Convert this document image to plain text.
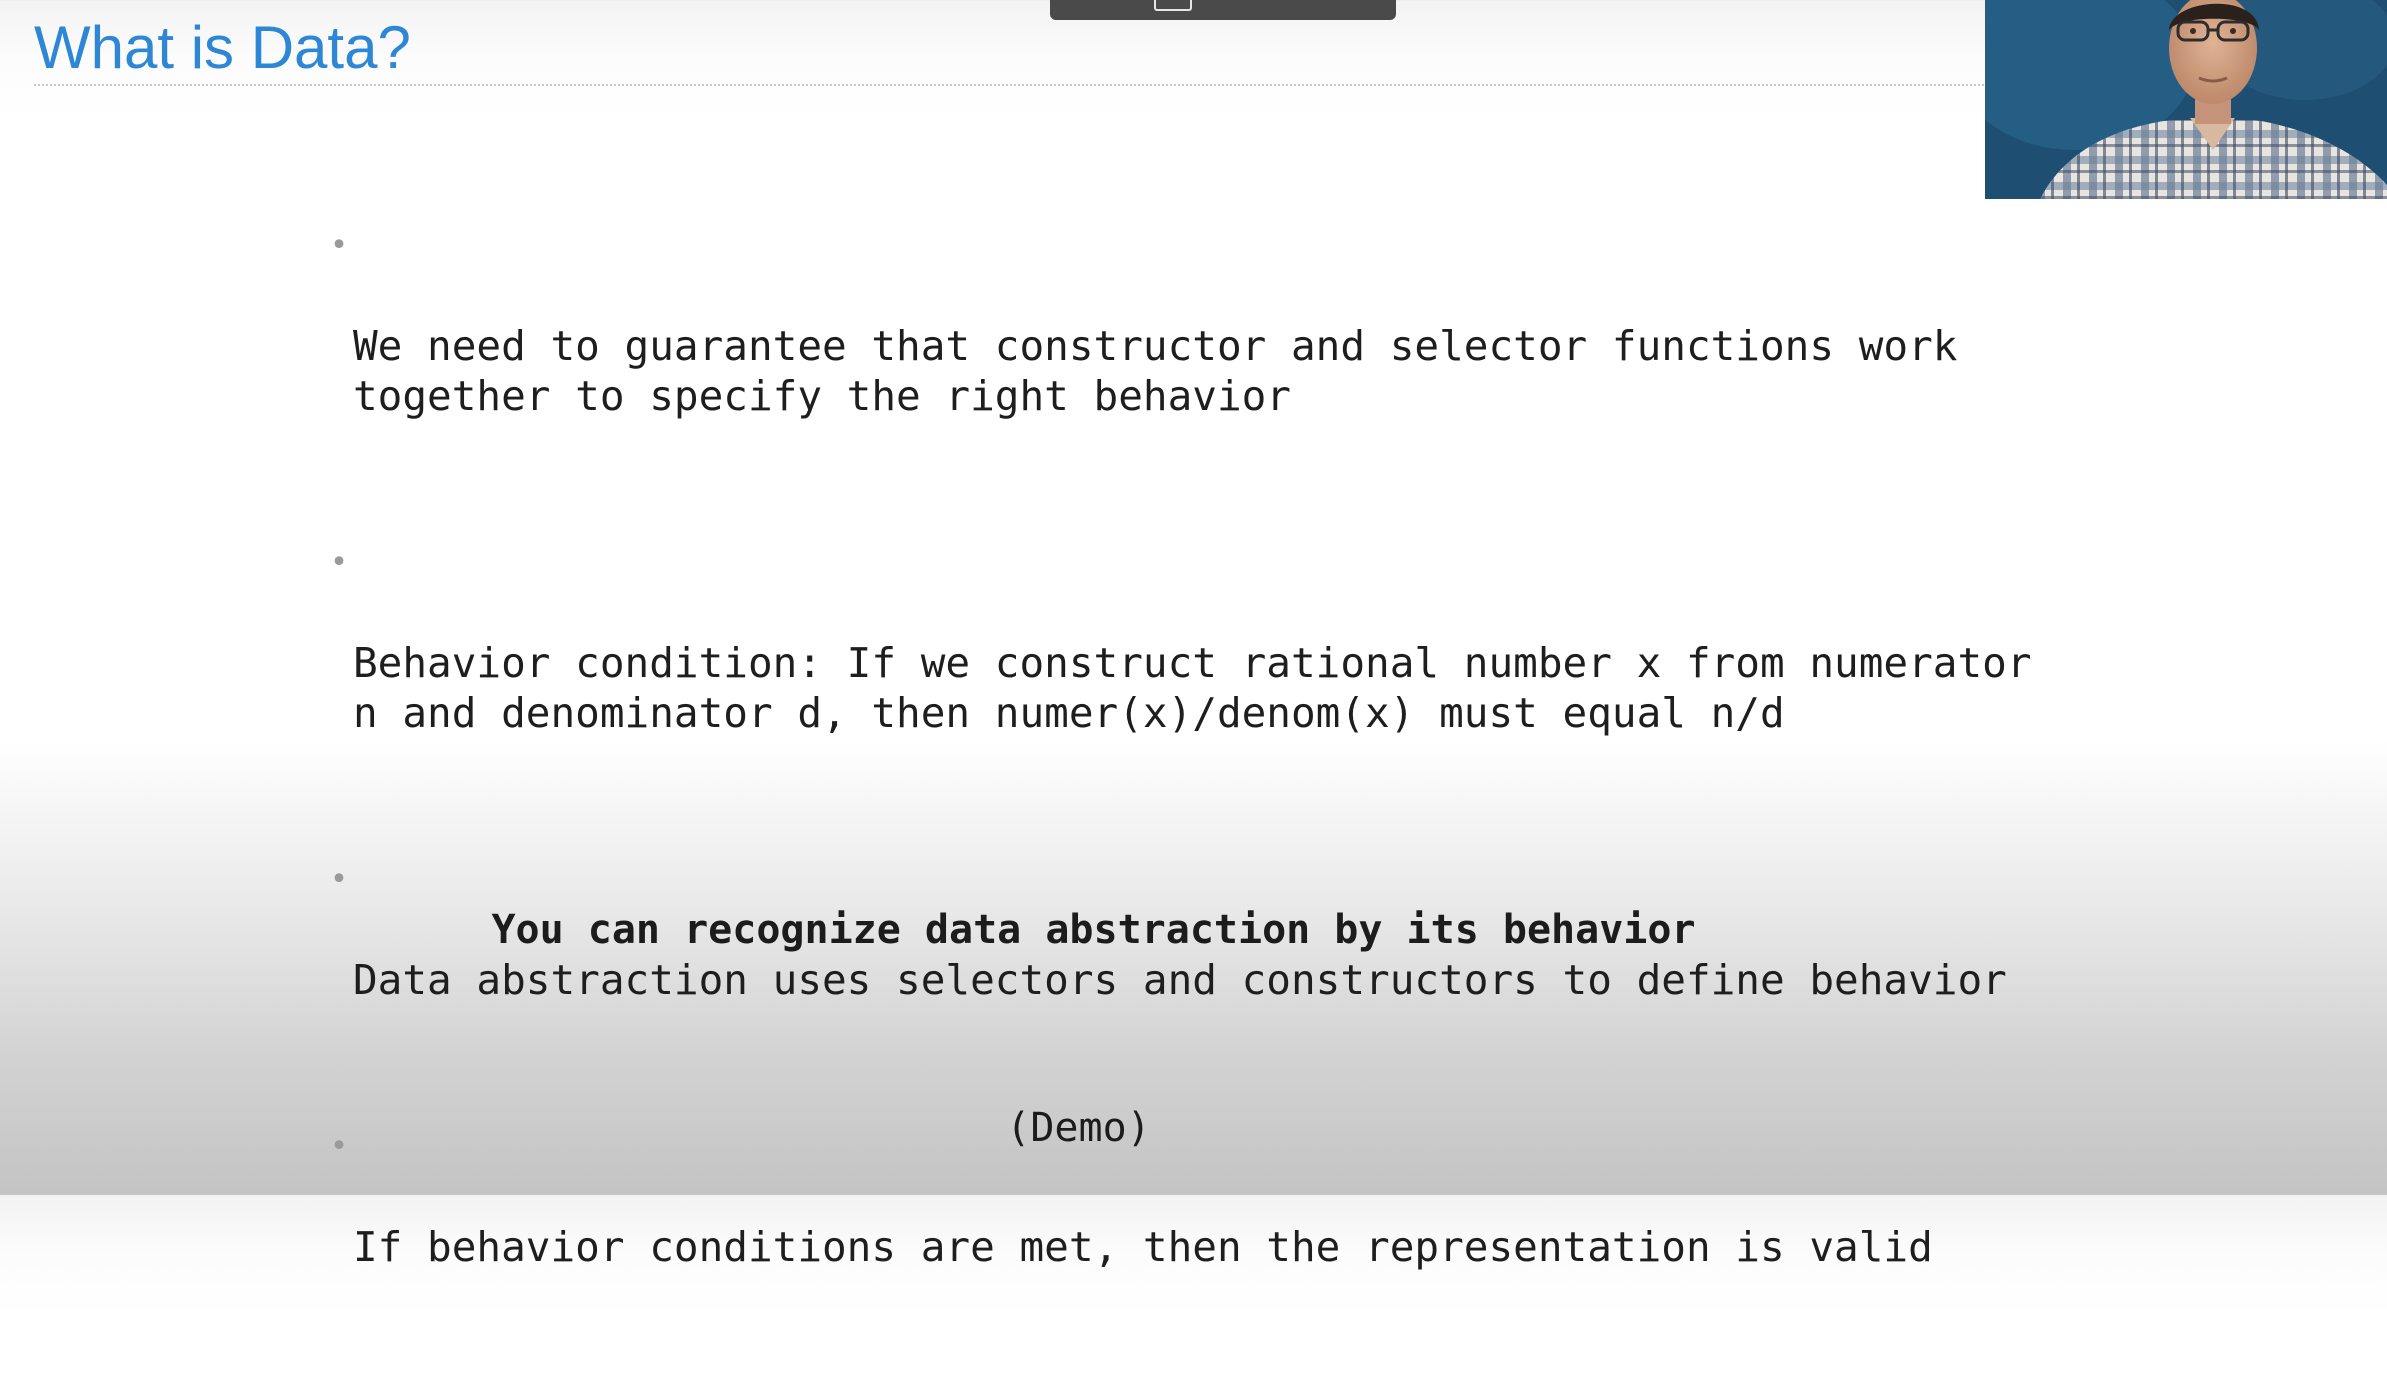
What is Data?

•

We need to guarantee that constructor and selector functions work
together to specify the right behavior

•

Behavior condition: If we construct rational number x from numerator
n and denominator d, then numer(x)/denom(x) must equal n/d

•

Data abstraction uses selectors and constructors to define behavior

•

If behavior conditions are met, then the representation is valid

You can recognize data abstraction by its behavior

(Demo)
